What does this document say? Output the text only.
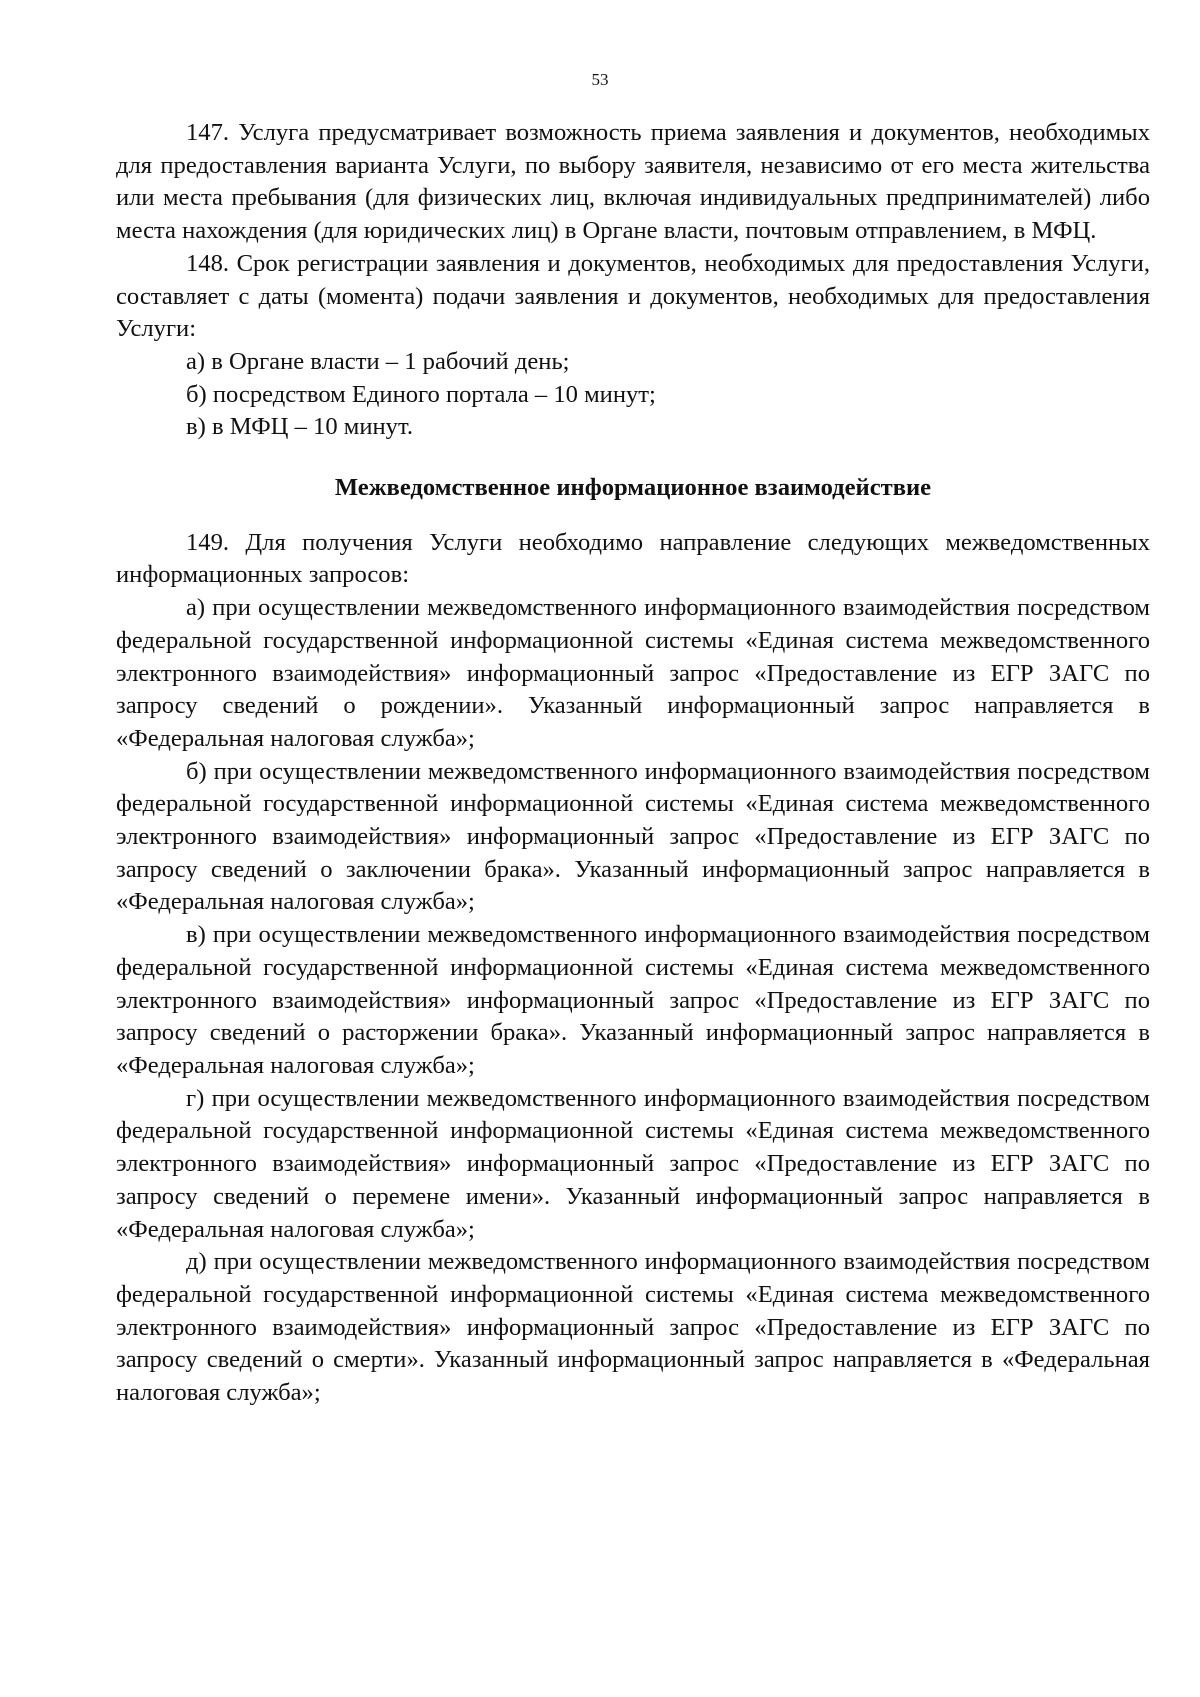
53

147. Услуга предусматривает возможность приема заявления и документов, необходимых для предоставления варианта Услуги, по выбору заявителя, независимо от его места жительства или места пребывания (для физических лиц, включая индивидуальных предпринимателей) либо места нахождения (для юридических лиц) в Органе власти, почтовым отправлением, в МФЦ.

148. Срок регистрации заявления и документов, необходимых для предоставления Услуги, составляет с даты (момента) подачи заявления и документов, необходимых для предоставления Услуги:

а) в Органе власти – 1 рабочий день;

б) посредством Единого портала – 10 минут;

в) в МФЦ – 10 минут.

Межведомственное информационное взаимодействие

149. Для получения Услуги необходимо направление следующих межведомственных информационных запросов:

а) при осуществлении межведомственного информационного взаимодействия посредством федеральной государственной информационной системы «Единая система межведомственного электронного взаимодействия» информационный запрос «Предоставление из ЕГР ЗАГС по запросу сведений о рождении». Указанный информационный запрос направляется в «Федеральная налоговая служба»;

б) при осуществлении межведомственного информационного взаимодействия посредством федеральной государственной информационной системы «Единая система межведомственного электронного взаимодействия» информационный запрос «Предоставление из ЕГР ЗАГС по запросу сведений о заключении брака». Указанный информационный запрос направляется в «Федеральная налоговая служба»;

в) при осуществлении межведомственного информационного взаимодействия посредством федеральной государственной информационной системы «Единая система межведомственного электронного взаимодействия» информационный запрос «Предоставление из ЕГР ЗАГС по запросу сведений о расторжении брака». Указанный информационный запрос направляется в «Федеральная налоговая служба»;

г) при осуществлении межведомственного информационного взаимодействия посредством федеральной государственной информационной системы «Единая система межведомственного электронного взаимодействия» информационный запрос «Предоставление из ЕГР ЗАГС по запросу сведений о перемене имени». Указанный информационный запрос направляется в «Федеральная налоговая служба»;

д) при осуществлении межведомственного информационного взаимодействия посредством федеральной государственной информационной системы «Единая система межведомственного электронного взаимодействия» информационный запрос «Предоставление из ЕГР ЗАГС по запросу сведений о смерти». Указанный информационный запрос направляется в «Федеральная налоговая служба»;
